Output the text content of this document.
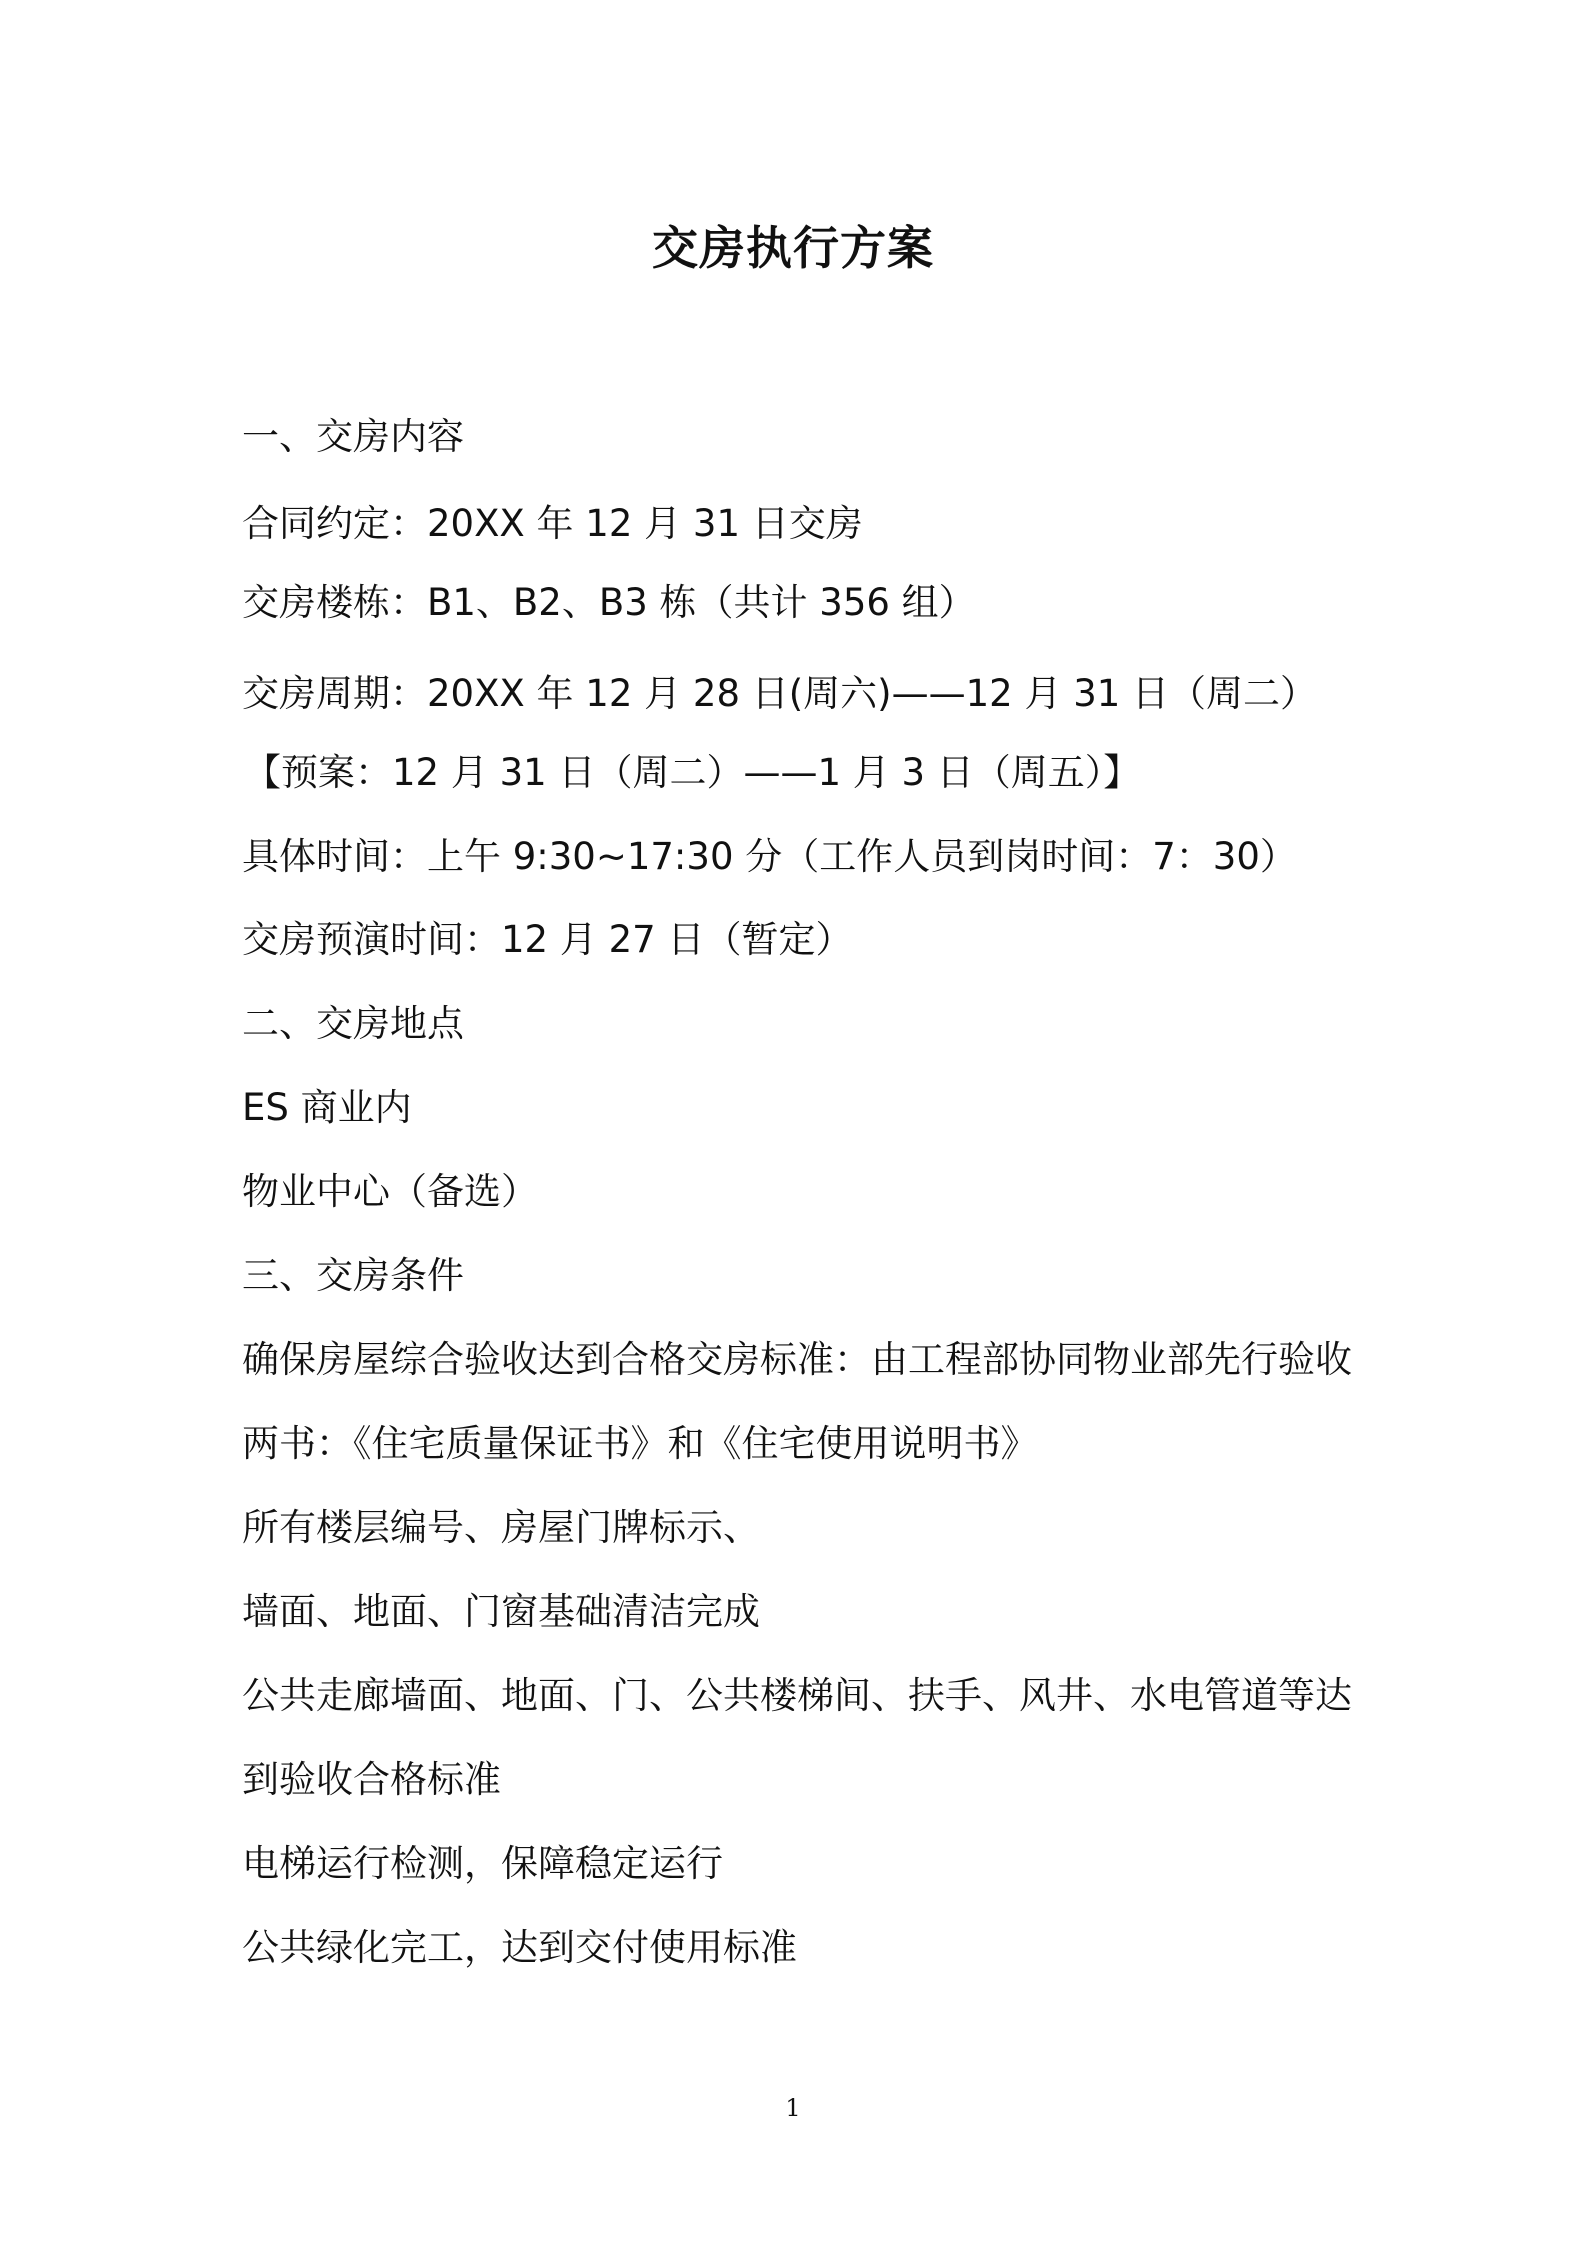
交房执行方案
一、交房内容
合同约定：20XX 年 12 月 31 日交房
交房楼栋：B1、B2、B3 栋（共计 356 组）
交房周期：20XX 年 12 月 28 日(周六)——12 月 31 日（周二）
【预案：12 月 31 日（周二）——1 月 3 日（周五）】
具体时间：上午 9:30~17:30 分（工作人员到岗时间：7：30）
交房预演时间：12 月 27 日（暂定）
二、交房地点
ES 商业内
物业中心（备选）
三、交房条件
确保房屋综合验收达到合格交房标准：由工程部协同物业部先行验收
两书：《住宅质量保证书》和《住宅使用说明书》
所有楼层编号、房屋门牌标示、
墙面、地面、门窗基础清洁完成
公共走廊墙面、地面、门、公共楼梯间、扶手、风井、水电管道等达
到验收合格标准
电梯运行检测，保障稳定运行
公共绿化完工，达到交付使用标准
1
